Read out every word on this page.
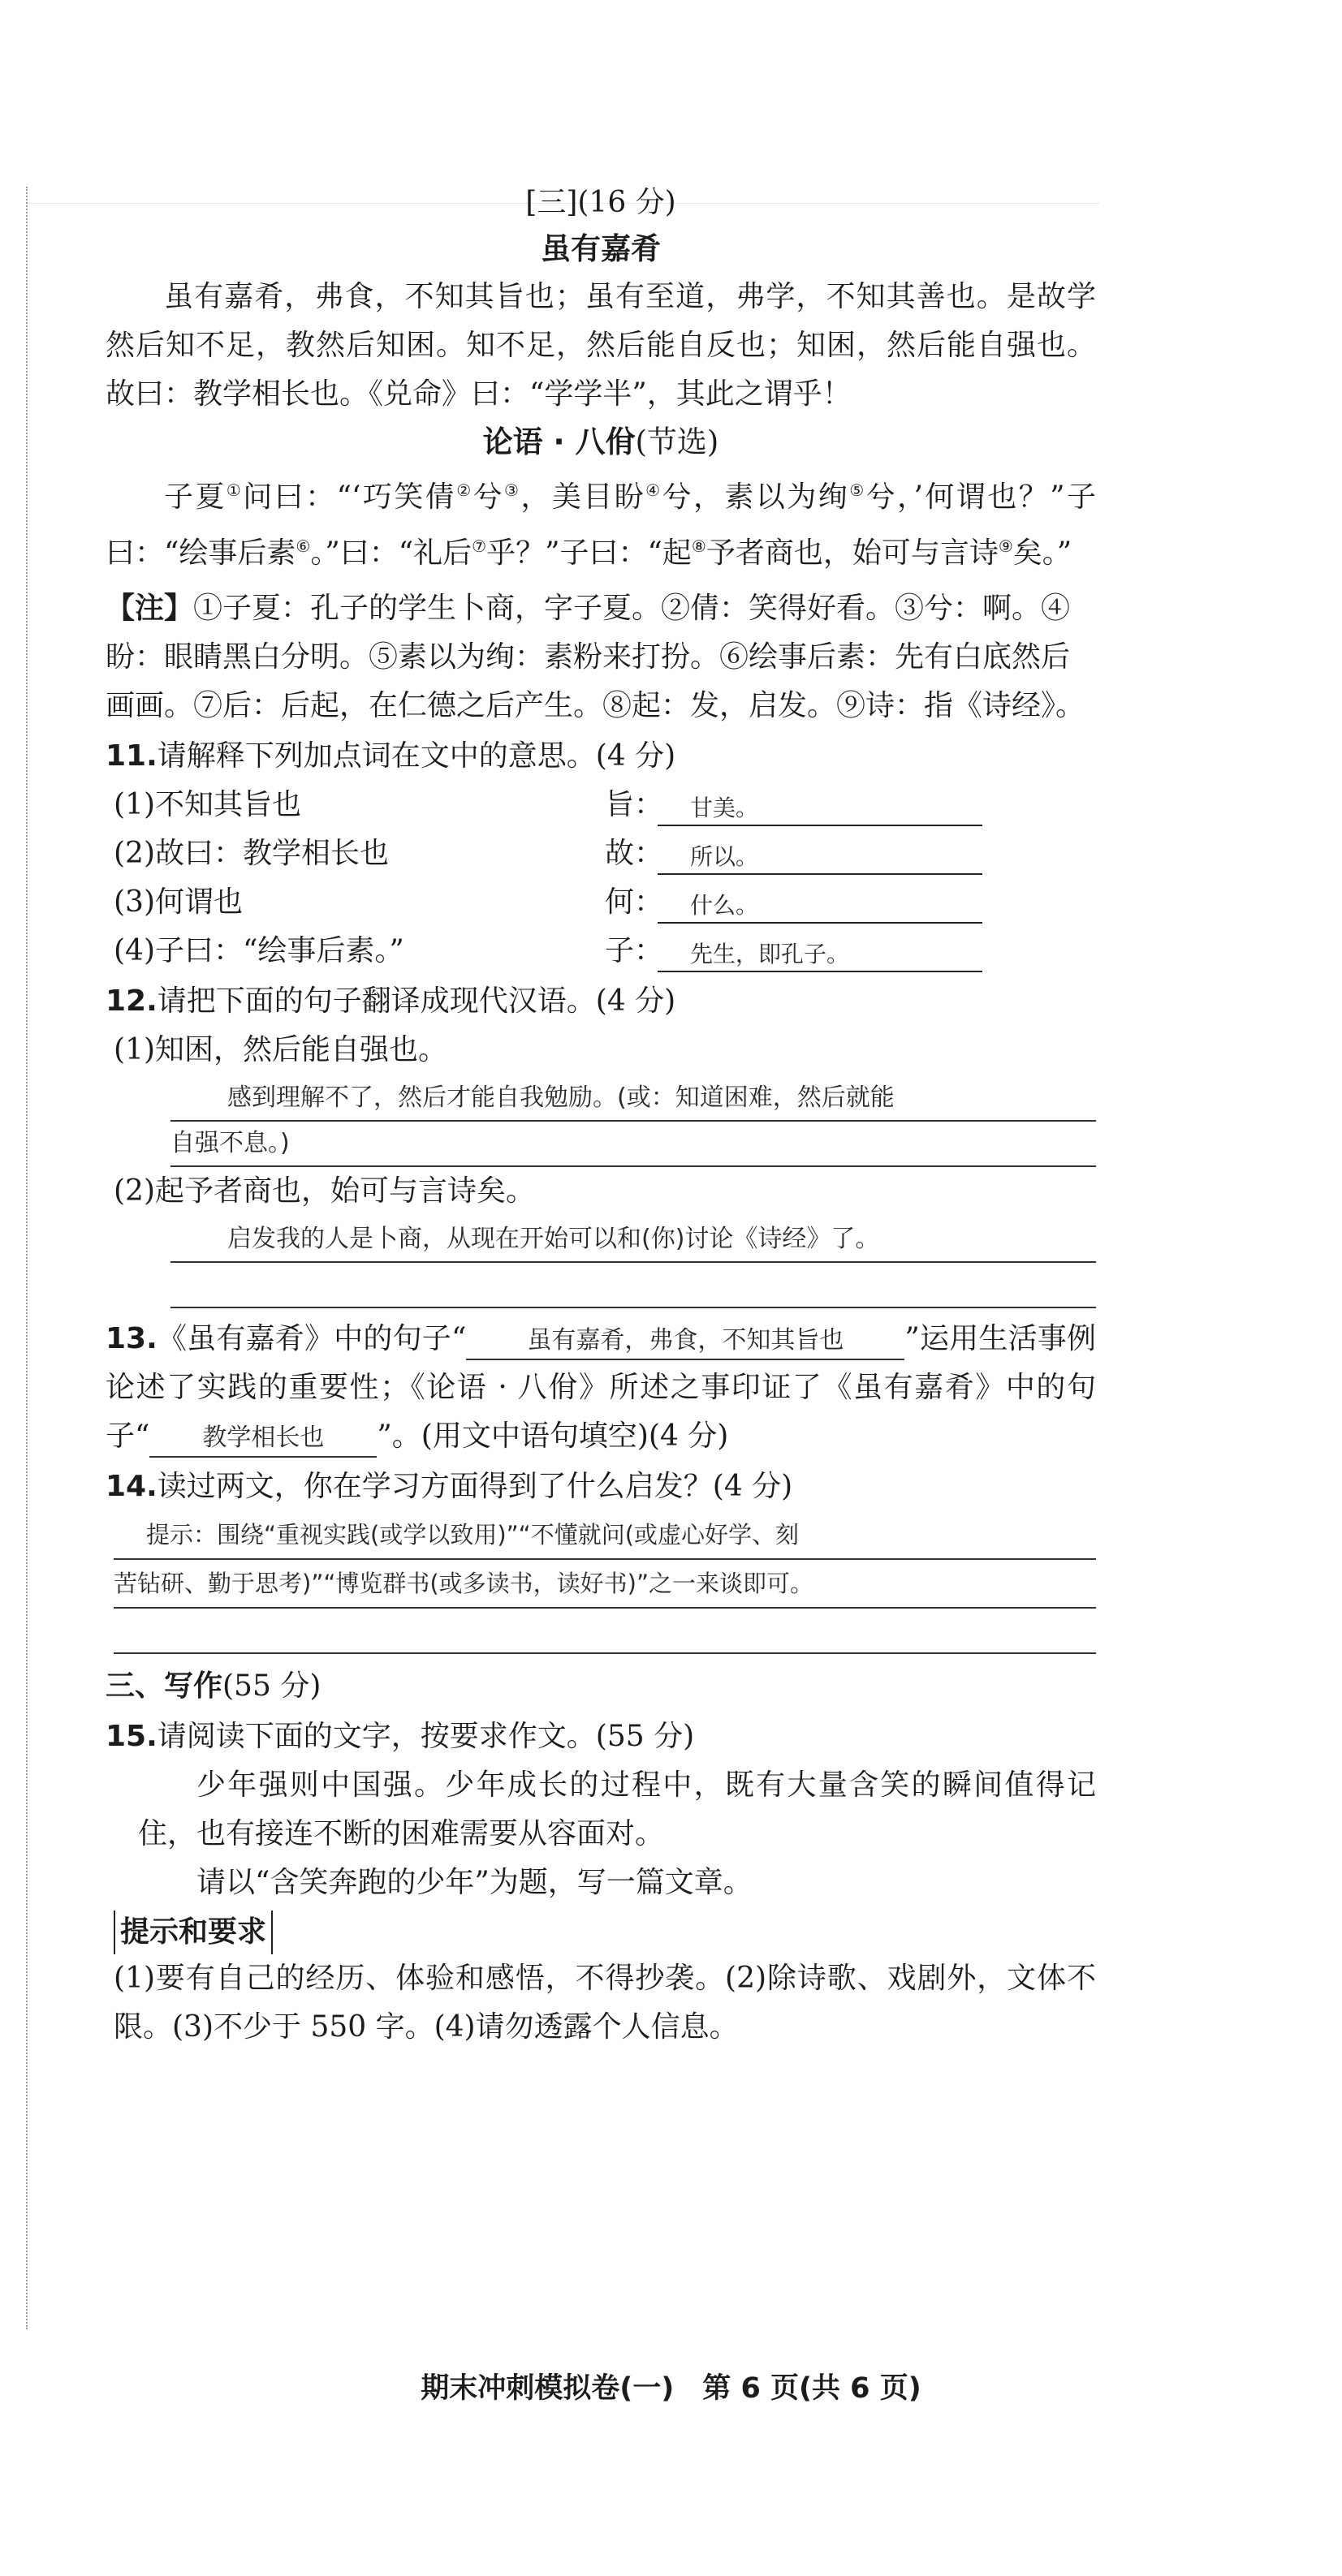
[三](16 分)
虽有嘉肴

虽有嘉肴，弗食，不知其旨也；虽有至道，弗学，不知其善也。是故学然后知不足，教然后知困。知不足，然后能自反也；知困，然后能自强也。故曰：教学相长也。《兑命》曰：“学学半”，其此之谓乎！

论语 · 八佾(节选)

子夏①问曰：“‘巧笑倩②兮③，美目盼④兮，素以为绚⑤兮，’何谓也？”子曰：“绘事后素⑥。”曰：“礼后⑦乎？”子曰：“起⑧予者商也，始可与言诗⑨矣。”

【注】①子夏：孔子的学生卜商，字子夏。②倩：笑得好看。③兮：啊。④盼：眼睛黑白分明。⑤素以为绚：素粉来打扮。⑥绘事后素：先有白底然后画画。⑦后：后起，在仁德之后产生。⑧起：发，启发。⑨诗：指《诗经》。
11.请解释下列加点词在文中的意思。(4 分)
(1)不知其旨也	旨：	甘美。
(2)故曰：教学相长也	故：	所以。
(3)何谓也	何：	什么。
(4)子曰：“绘事后素。”	子：	先生，即孔子。
12.请把下面的句子翻译成现代汉语。(4 分)
(1)知困，然后能自强也。
感到理解不了，然后才能自我勉励。(或：知道困难，然后就能
自强不息。)
(2)起予者商也，始可与言诗矣。
启发我的人是卜商，从现在开始可以和(你)讨论《诗经》了。

13.《虽有嘉肴》中的句子“	虽有嘉肴，弗食，不知其旨也 ”运用生活事例论述了实践的重要性；《论语 · 八佾》所述之事印证了《虽有嘉肴》中的句子“ 教学相长也 ”。(用文中语句填空)(4 分)

14.读过两文，你在学习方面得到了什么启发？(4 分)
提示：围绕“重视实践(或学以致用)”“不懂就问(或虚心好学、刻
苦钻研、勤于思考)”“博览群书(或多读书，读好书)”之一来谈即可。
三、写作(55 分)
15.请阅读下面的文字，按要求作文。(55 分)

少年强则中国强。少年成长的过程中，既有大量含笑的瞬间值得记住，也有接连不断的困难需要从容面对。

请以“含笑奔跑的少年”为题，写一篇文章。

提示和要求

(1)要有自己的经历、体验和感悟，不得抄袭。(2)除诗歌、戏剧外，文体不限。(3)不少于 550 字。(4)请勿透露个人信息。

期末冲刺模拟卷(一)　第 6 页(共 6 页)
